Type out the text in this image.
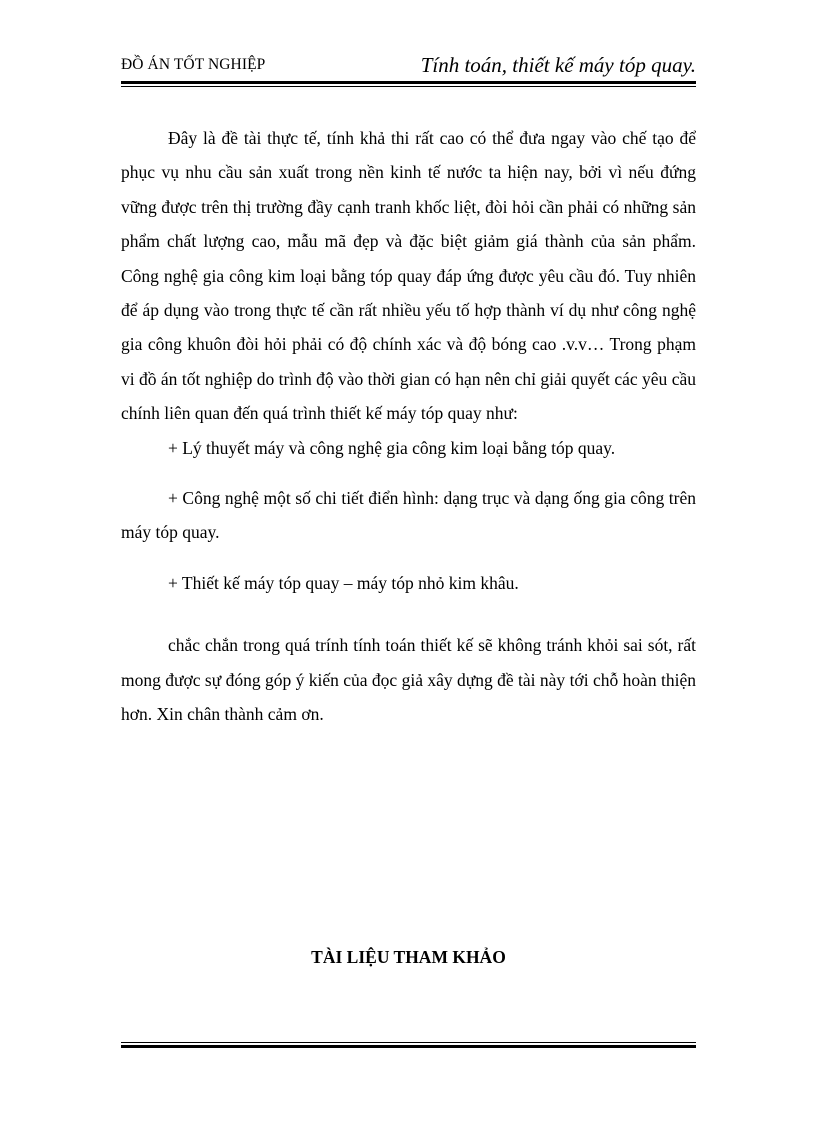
ĐỒ ÁN TỐT NGHIỆP	Tính toán, thiết kế máy tóp quay.

Đây là đề tài thực tế, tính khả thi rất cao có thể đưa ngay vào chế tạo để phục vụ nhu cầu sản xuất trong nền kinh tế nước ta hiện nay, bởi vì nếu đứng vững được trên thị trường đầy cạnh tranh khốc liệt, đòi hỏi cần phải có những sản phẩm chất lượng cao, mẫu mã đẹp và đặc biệt giảm giá thành của sản phẩm. Công nghệ gia công kim loại bằng tóp quay đáp ứng được yêu cầu đó. Tuy nhiên để áp dụng vào trong thực tế cần rất nhiều yếu tố hợp thành ví dụ như công nghệ gia công khuôn đòi hỏi phải có độ chính xác và độ bóng cao .v.v… Trong phạm vi đồ án tốt nghiệp do trình độ vào thời gian có hạn nên chỉ giải quyết các yêu cầu chính liên quan đến quá trình thiết kế máy tóp quay như:

+ Lý thuyết máy và công nghệ gia công kim loại bằng tóp quay.

+ Công nghệ một số chi tiết điển hình: dạng trục và dạng ống gia công trên máy tóp quay.

+ Thiết kế máy tóp quay – máy tóp nhỏ kim khâu.

chắc chắn trong quá trính tính toán thiết kế sẽ không tránh khỏi sai sót, rất mong được sự đóng góp ý kiến của đọc giả xây dựng đề tài này tới chỗ hoàn thiện hơn. Xin chân thành cảm ơn.

TÀI LIỆU THAM KHẢO
